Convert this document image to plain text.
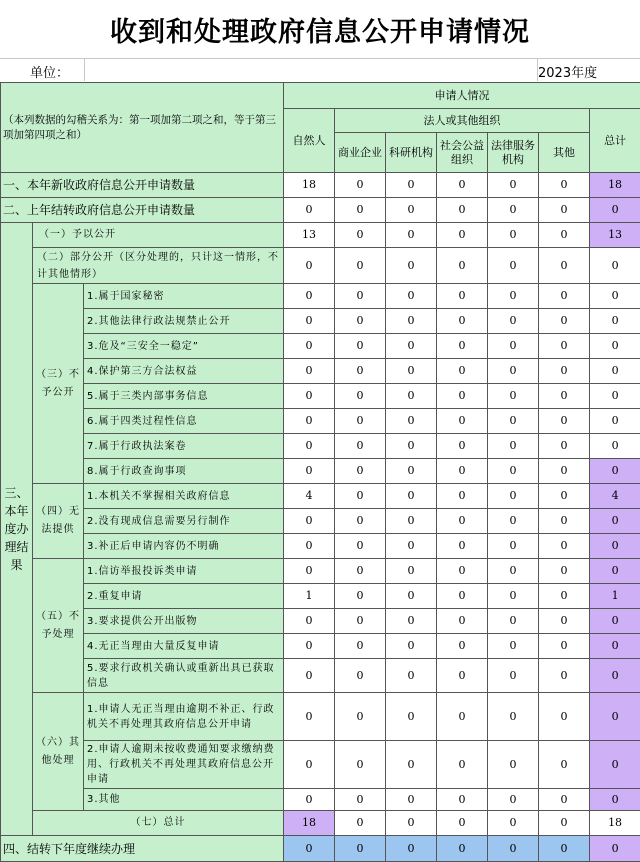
收到和处理政府信息公开申请情况
单位：	2023年度
（本列数据的勾稽关系为：第一项加第二项之和，等于第三项加第四项之和）			申请人情况						
			自然人	法人或其他组织					总计
				商业企业	科研机构	社会公益组织	法律服务机构	其他	
一、本年新收政府信息公开申请数量			18	0	0	0	0	0	18
二、上年结转政府信息公开申请数量			0	0	0	0	0	0	0
三、本年度办理结果	（一）予以公开		13	0	0	0	0	0	13
	（二）部分公开（区分处理的，只计这一情形，不计其他情形）		0	0	0	0	0	0	0
	（三）不予公开	1.属于国家秘密	0	0	0	0	0	0	0
		2.其他法律行政法规禁止公开	0	0	0	0	0	0	0
		3.危及“三安全一稳定”	0	0	0	0	0	0	0
		4.保护第三方合法权益	0	0	0	0	0	0	0
		5.属于三类内部事务信息	0	0	0	0	0	0	0
		6.属于四类过程性信息	0	0	0	0	0	0	0
		7.属于行政执法案卷	0	0	0	0	0	0	0
		8.属于行政查询事项	0	0	0	0	0	0	0
	（四）无法提供	1.本机关不掌握相关政府信息	4	0	0	0	0	0	4
		2.没有现成信息需要另行制作	0	0	0	0	0	0	0
		3.补正后申请内容仍不明确	0	0	0	0	0	0	0
	（五）不予处理	1.信访举报投诉类申请	0	0	0	0	0	0	0
		2.重复申请	1	0	0	0	0	0	1
		3.要求提供公开出版物	0	0	0	0	0	0	0
		4.无正当理由大量反复申请	0	0	0	0	0	0	0
		5.要求行政机关确认或重新出具已获取信息	0	0	0	0	0	0	0
	（六）其他处理	1.申请人无正当理由逾期不补正、行政机关不再处理其政府信息公开申请	0	0	0	0	0	0	0
		2.申请人逾期未按收费通知要求缴纳费用、行政机关不再处理其政府信息公开申请	0	0	0	0	0	0	0
		3.其他	0	0	0	0	0	0	0
	（七）总计		18	0	0	0	0	0	18
四、结转下年度继续办理			0	0	0	0	0	0	0
